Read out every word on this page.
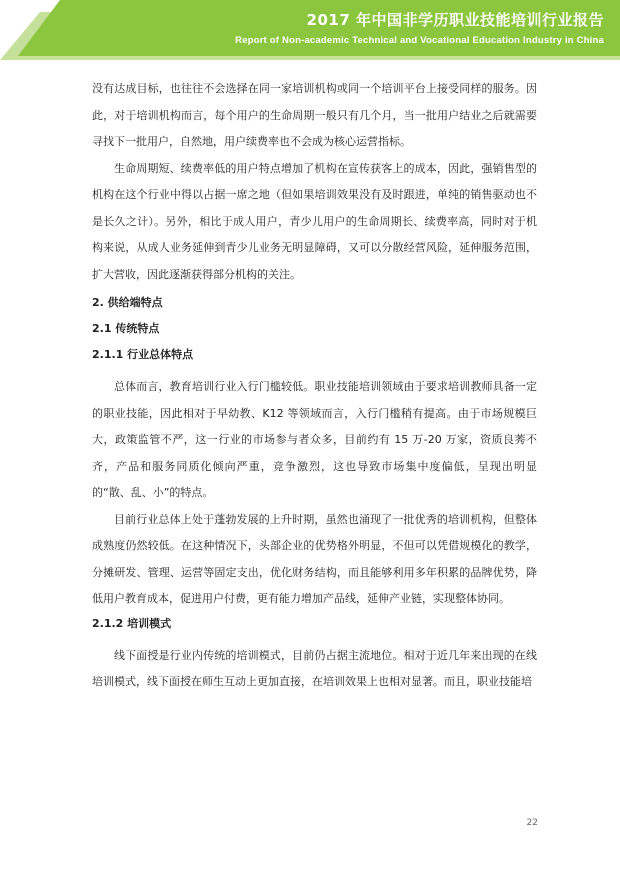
2017 年中国非学历职业技能培训行业报告
Report of Non-academic Technical and Vocational Education Industry in China

没有达成目标，也往往不会选择在同一家培训机构或同一个培训平台上接受同样的服务。因此，对于培训机构而言，每个用户的生命周期一般只有几个月，当一批用户结业之后就需要寻找下一批用户，自然地，用户续费率也不会成为核心运营指标。

生命周期短、续费率低的用户特点增加了机构在宣传获客上的成本，因此，强销售型的机构在这个行业中得以占据一席之地（但如果培训效果没有及时跟进，单纯的销售驱动也不是长久之计）。另外，相比于成人用户，青少儿用户的生命周期长、续费率高，同时对于机构来说，从成人业务延伸到青少儿业务无明显障碍，又可以分散经营风险，延伸服务范围，扩大营收，因此逐渐获得部分机构的关注。

2. 供给端特点
2.1 传统特点
2.1.1 行业总体特点

总体而言，教育培训行业入行门槛较低。职业技能培训领域由于要求培训教师具备一定的职业技能，因此相对于早幼教、K12 等领域而言，入行门槛稍有提高。由于市场规模巨大，政策监管不严，这一行业的市场参与者众多，目前约有 15 万-20 万家，资质良莠不齐，产品和服务同质化倾向严重，竞争激烈，这也导致市场集中度偏低，呈现出明显的“散、乱、小”的特点。

目前行业总体上处于蓬勃发展的上升时期，虽然也涌现了一批优秀的培训机构，但整体成熟度仍然较低。在这种情况下，头部企业的优势格外明显，不但可以凭借规模化的教学，分摊研发、管理、运营等固定支出，优化财务结构，而且能够利用多年积累的品牌优势，降低用户教育成本，促进用户付费，更有能力增加产品线，延伸产业链，实现整体协同。

2.1.2 培训模式

线下面授是行业内传统的培训模式，目前仍占据主流地位。相对于近几年来出现的在线培训模式，线下面授在师生互动上更加直接，在培训效果上也相对显著。而且，职业技能培

22
